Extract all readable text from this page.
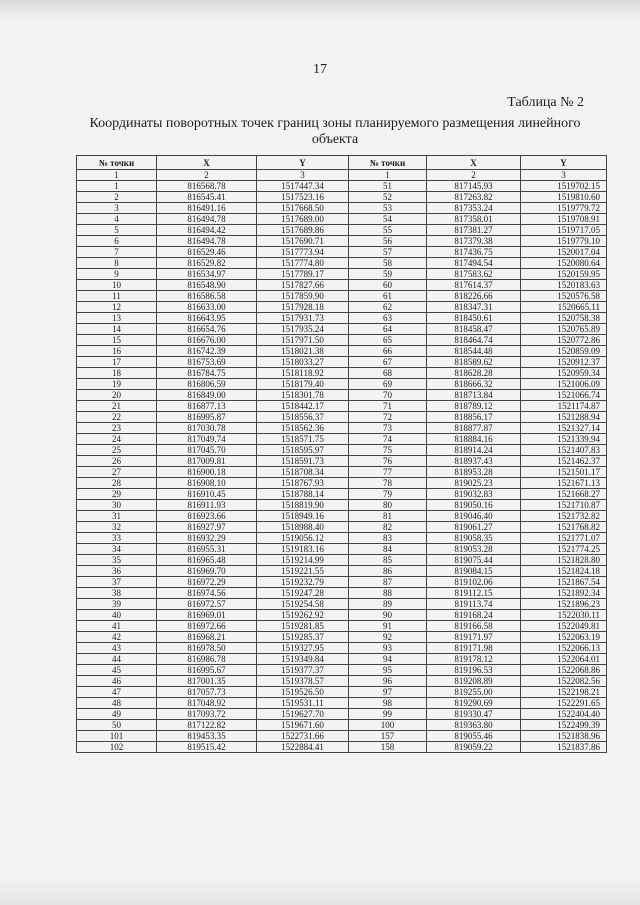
17
Таблица № 2
Координаты поворотных точек границ зоны планируемого размещения линейного объекта
№ точки	X	Y	№ точки	X	Y
1	2	3	1	2	3
1	816568.78	1517447.34	51	817145.93	1519702.15
2	816545.41	1517523.16	52	817263.82	1519810.60
3	816491.16	1517668.50	53	817353.24	1519779.72
4	816494.78	1517689.00	54	817358.01	1519708.91
5	816494.42	1517689.86	55	817381.27	1519717.05
6	816494.78	1517690.71	56	817379.38	1519779.10
7	816529.46	1517773.94	57	817436.75	1520017.04
8	816529.82	1517774.80	58	817494.54	1520080.64
9	816534.97	1517789.17	59	817583.62	1520159.95
10	816548.90	1517827.66	60	817614.37	1520183.63
11	816586.58	1517859.90	61	818226.66	1520576.58
12	816633.00	1517928.18	62	818347.31	1520665.11
13	816643.95	1517931.73	63	818450.61	1520758.38
14	816654.76	1517935.24	64	818458.47	1520765.89
15	816676.00	1517971.50	65	818464.74	1520772.86
16	816742.39	1518021.38	66	818544.48	1520859.09
17	816753.69	1518033.27	67	818589.62	1520912.37
18	816784.75	1518118.92	68	818628.28	1520959.34
19	816806.59	1518179.40	69	818666.32	1521006.09
20	816849.00	1518301.78	70	818713.84	1521066.74
21	816877.13	1518442.17	71	818789.12	1521174.87
22	816995.87	1518556.37	72	818856.17	1521288.94
23	817030.78	1518562.36	73	818877.87	1521327.14
24	817049.74	1518571.75	74	818884.16	1521339.94
25	817045.70	1518595.97	75	818914.24	1521407.83
26	817009.81	1518591.73	76	818937.43	1521462.37
27	816900.18	1518708.34	77	818953.28	1521501.17
28	816908.10	1518767.93	78	819025.23	1521671.13
29	816910.45	1518788.14	79	819032.83	1521668.27
30	816911.93	1518819.90	80	819050.16	1521710.87
31	816923.66	1518949.16	81	819046.40	1521732.82
32	816927.97	1518988.40	82	819061.27	1521768.82
33	816932.29	1519056.12	83	819058.35	1521771.07
34	816955.31	1519183.16	84	819053.28	1521774.25
35	816965.48	1519214.99	85	819075.44	1521828.80
36	816969.70	1519221.55	86	819084.15	1521824.18
37	816972.29	1519232.79	87	819102.06	1521867.54
38	816974.56	1519247.28	88	819112.15	1521892.34
39	816972.57	1519254.58	89	819113.74	1521896.23
40	816969.01	1519262.92	90	819168.24	1522030.11
41	816972.66	1519281.85	91	819166.58	1522049.81
42	816968.21	1519285.37	92	819171.97	1522063.19
43	816978.50	1519327.95	93	819171.98	1522066.13
44	816986.78	1519349.84	94	819178.12	1522064.01
45	816995.67	1519377.37	95	819196.53	1522068.86
46	817001.35	1519378.57	96	819208.89	1522082.56
47	817057.73	1519526.50	97	819255.00	1522198.21
48	817048.92	1519531.11	98	819290.69	1522291.65
49	817093.72	1519627.70	99	819330.47	1522404.40
50	817122.82	1519671.60	100	819363.80	1522499.39
101	819453.35	1522731.66	157	819055.46	1521838.96
102	819515.42	1522884.41	158	819059.22	1521837.86
